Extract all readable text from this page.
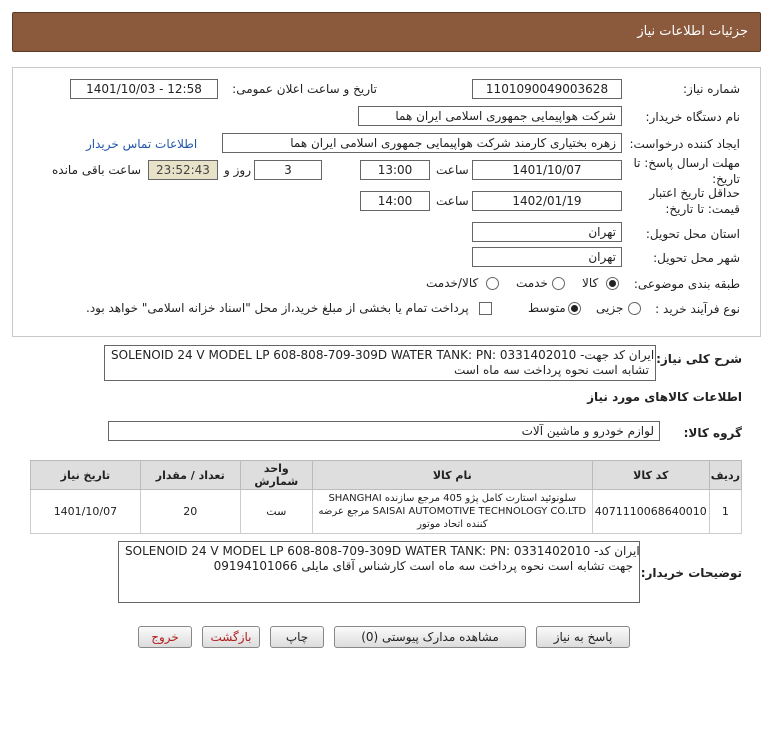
جزئيات اطلاعات نياز
شماره نیاز:
1101090049003628
تاریخ و ساعت اعلان عمومی:
1401/10/03 - 12:58
نام دستگاه خریدار:
شرکت هواپیمایی جمهوری اسلامی ایران هما
ایجاد کننده درخواست:
زهره بختیاری کارمند شرکت هواپیمایی جمهوری اسلامی ایران هما
اطلاعات تماس خریدار
مهلت ارسال پاسخ: تا
تاریخ:
1401/10/07
ساعت
13:00
3
روز و
23:52:43
ساعت باقی مانده
حداقل تاریخ اعتبار
قیمت: تا تاریخ:
1402/01/19
ساعت
14:00
استان محل تحویل:
تهران
شهر محل تحویل:
تهران
طبقه بندی موضوعی:
کالا
خدمت
کالا/خدمت
نوع فرآیند خرید :
جزیی
متوسط
پرداخت تمام یا بخشی از مبلغ خرید،از محل "اسناد خزانه اسلامی" خواهد بود.
شرح کلی نیاز:
SOLENOID 24 V MODEL LP 608-808-709-309D WATER TANK: PN: 0331402010 -ایران کد جهت
تشابه است نحوه پرداخت سه ماه است
اطلاعات کالاهای مورد نیاز
گروه کالا:
لوازم خودرو و ماشین آلات
ردیف	کد کالا	نام کالا	واحد شمارش	تعداد / مقدار	تاریخ نیاز
1	4071110068640010	سلونوئید استارت کامل پژو 405 مرجع سازنده SHANGHAI SAISAI AUTOMOTIVE TECHNOLOGY CO.LTD مرجع عرضه کننده اتحاد موتور	ست	20	1401/10/07
توضیحات خریدار:
SOLENOID 24 V MODEL LP 608-808-709-309D WATER TANK: PN: 0331402010 -ایران کد
جهت تشابه است نحوه پرداخت سه ماه است کارشناس آقای مایلی 09194101066
پاسخ به نیاز
مشاهده مدارک پیوستی (0)
چاپ
بازگشت
خروج
